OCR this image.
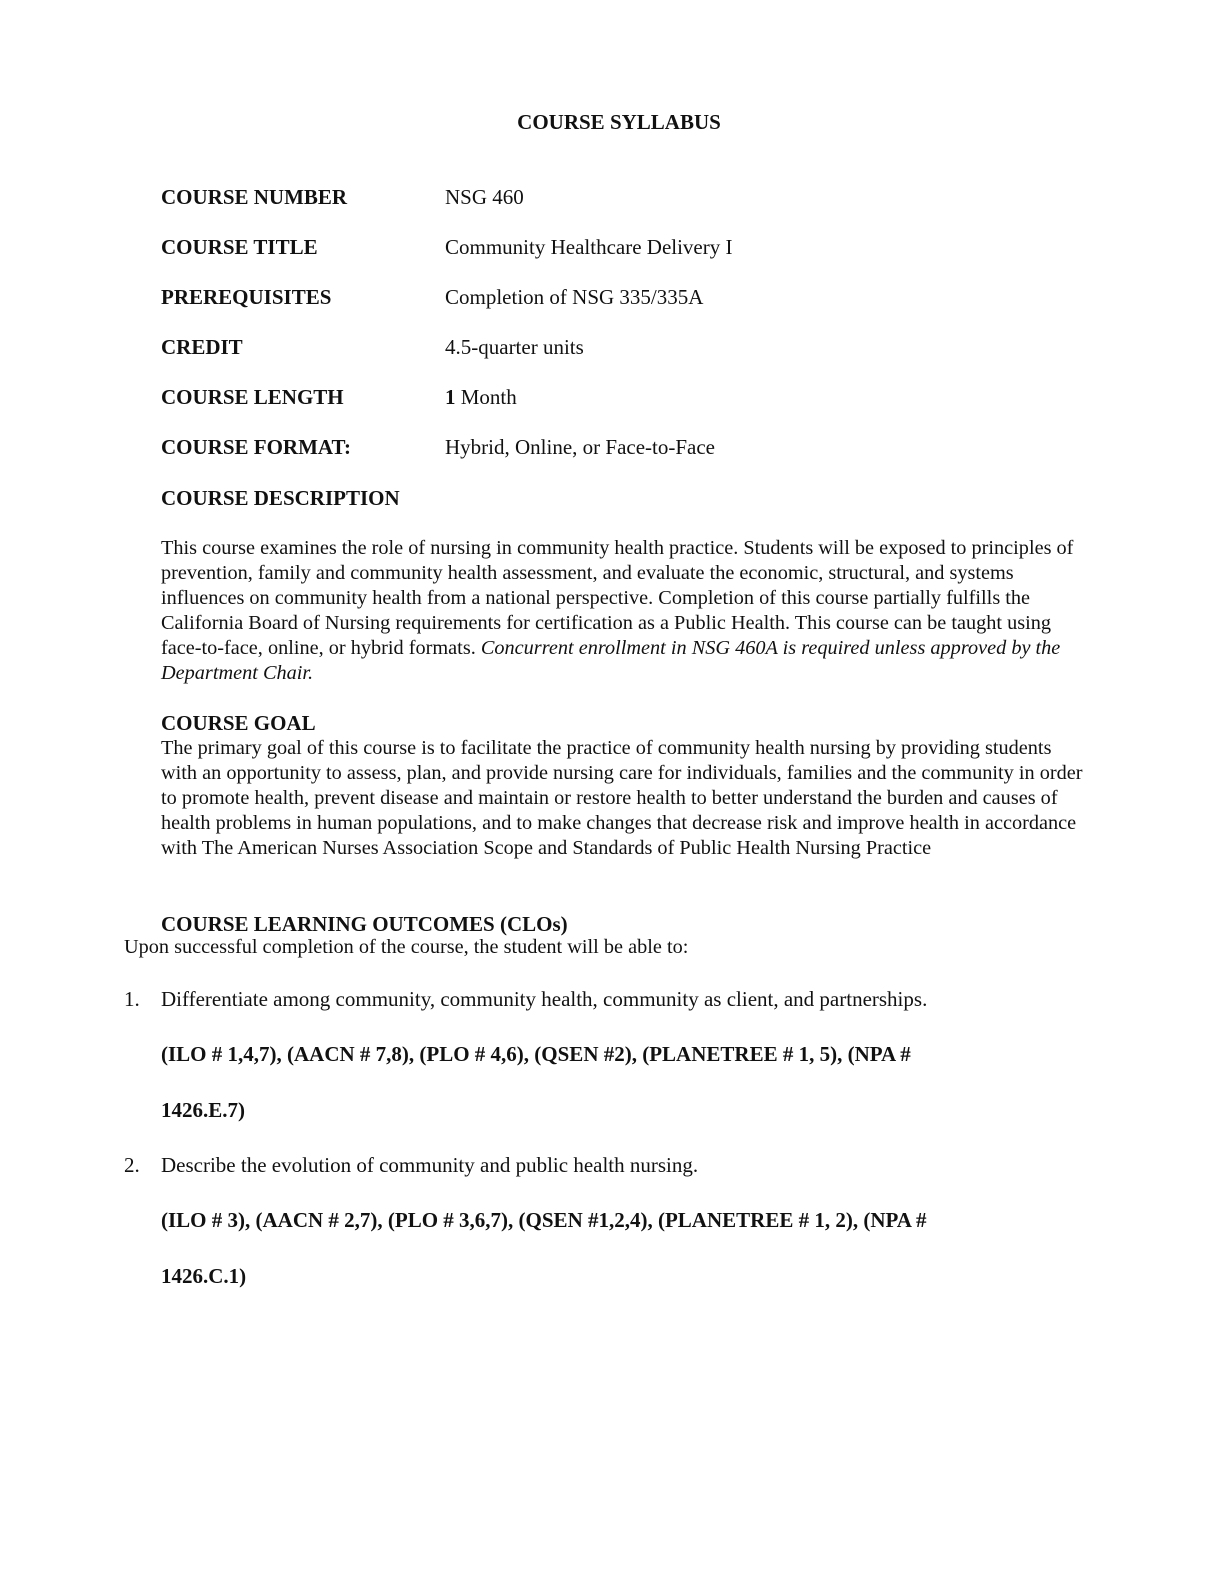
COURSE SYLLABUS
COURSE NUMBER	NSG 460
COURSE TITLE	Community Healthcare Delivery I
PREREQUISITES	Completion of NSG 335/335A
CREDIT	4.5-quarter units
COURSE LENGTH	1 Month
COURSE FORMAT:	Hybrid, Online, or Face-to-Face
COURSE DESCRIPTION
This course examines the role of nursing in community health practice. Students will be exposed to principles of prevention, family and community health assessment, and evaluate the economic, structural, and systems influences on community health from a national perspective. Completion of this course partially fulfills the California Board of Nursing requirements for certification as a Public Health. This course can be taught using face-to-face, online, or hybrid formats. Concurrent enrollment in NSG 460A is required unless approved by the Department Chair.
COURSE GOAL
The primary goal of this course is to facilitate the practice of community health nursing by providing students with an opportunity to assess, plan, and provide nursing care for individuals, families and the community in order to promote health, prevent disease and maintain or restore health to better understand the burden and causes of health problems in human populations, and to make changes that decrease risk and improve health in accordance with The American Nurses Association Scope and Standards of Public Health Nursing Practice
COURSE LEARNING OUTCOMES (CLOs)
Upon successful completion of the course, the student will be able to:
1. Differentiate among community, community health, community as client, and partnerships.
(ILO # 1,4,7), (AACN # 7,8), (PLO # 4,6), (QSEN #2), (PLANETREE # 1, 5), (NPA #
1426.E.7)
2. Describe the evolution of community and public health nursing.
(ILO # 3), (AACN # 2,7), (PLO # 3,6,7), (QSEN #1,2,4), (PLANETREE # 1, 2), (NPA #
1426.C.1)
